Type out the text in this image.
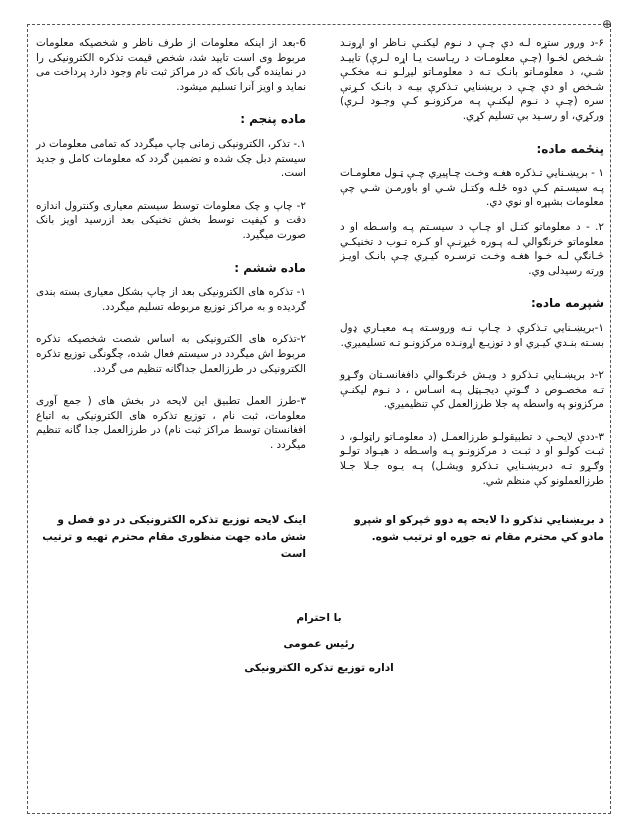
⊕

۶-د ورور ستړه لـه دې چـې د نـوم ليکنـې نـاظر او اړونـد شـخص لخـوا (چـې معلومـات د ريـاست يـا اړه لـرې) تاييـد شـي، د معلومـاتو بانـک تـه د معلومـاتو ليږلـو نـه مخکـې شـخص او دې چـې د بريښنايي تـذکرې بيـه د بانـک کـړنې سره (چـې د نـوم ليکنـې پـه مرکزونـو کـې وجـود لـرې) ورکړي، او رسـيد بې تسليم کړي.

پنځمه ماده:

۱ - بريښـنايي تـذکره هغـه وخـت چـاپيږي چـې ټـول معلومـات پـه سيسـتم کـې دوه ځلـه وکتـل شـي او باورمـن شـي چې معلومات بشپړه او نوي دي.

۲. - د معلوماتو کتـل او چـاپ د سيسـتم پـه واسـطه او د معلوماتو خرنګوالي لـه پـوره څيړنـې او کـره تـوب د تخنيکـي څـانګې لـه خـوا هغـه وخـت ترسـره کيـږي چـې بانـک اويـز ورته رسيدلى وي.

شپږمه ماده:

۱-بريښـنايي تـذکرې د چـاپ نـه وروسـته پـه معيـاري ډول بسـته بنـدي کيـږي او د توزيـع اړونـده مرکزونـو تـه تسليميږي.

۲-د بريښـنايي تـذکرو د ويـش څرنګـوالي دافغانسـتان وګـړو تـه مخصـوص د ګـوتې ديجـيټل پـه اسـاس ، د نـوم ليکنـې مرکزونو په واسطه په جلا طرزالعمل کې تنظيميږي.

۳-ددې لايحـې د تطبيقولـو طرزالعمـل (د معلومـاتو راټولـو، د ثبـت کولـو او د ثبـت د مرکزونـو پـه واسـطه د هيـواد تولـو وګـړو تـه دبريښـنايي تـذکرو ويشـل) پـه يـوه جـلا جـلا طرزالعملونو کې منظم شي.

6-بعد از اینکه معلومات از طرف ناظر و شخصیکه معلومات مربوط وی است تایید شد، شخص قیمت تذکره الکترونیکی را در نماینده گی بانک که در مراکز ثبت نام وجود دارد پرداخت می نماید و اویز آنرا تسلیم میشود.

ماده پنجم :

۱.- تذکر، الکترونیکی زمانی چاپ میگردد که تمامی معلومات در سیستم دبل چک شده و تضمین گردد که معلومات کامل و جدید است.

۲- چاپ و چک معلومات توسط سیستم معیاری وکنترول اندازه دقت و کیفیت توسط بخش تخنیکی بعد ازرسید اویز بانک صورت میگیرد.

ماده ششم :

۱- تذکره های الکترونیکی بعد از چاپ بشکل معیاری بسته بندی گردیده و به مراکز توزیع مربوطه تسلیم میگردد.

۲-تذکره های الکترونیکی به اساس شصت شخصیکه تذکره مربوط اش میگردد در سیستم فعال شده، چگونگی توزیع تذکره الکترونیکی در طرزالعمل جداگانه تنظیم می گردد.

۳-طرز العمل تطبیق این لایحه در بخش های ( جمع آوری معلومات، ثبت نام ، توزیع تذکره های الکترونیکی به اتباع افغانستان توسط مراکز ثبت نام) در طرزالعمل جدا گانه تنظیم میگردد .

د بريښنايي تذکرو دا لايحه په دوو څپرکو او شپږو مادو کي محترم مقام ته جوړه او ترتيب شوه.

اینک لایحه توزیع تذکره الکترونیکی در دو فصل و شش ماده جهت منظوری مقام محترم تهیه و ترتیب است

با احترام
رئیس عمومی
اداره توزیع تذکره الکترونیکی
